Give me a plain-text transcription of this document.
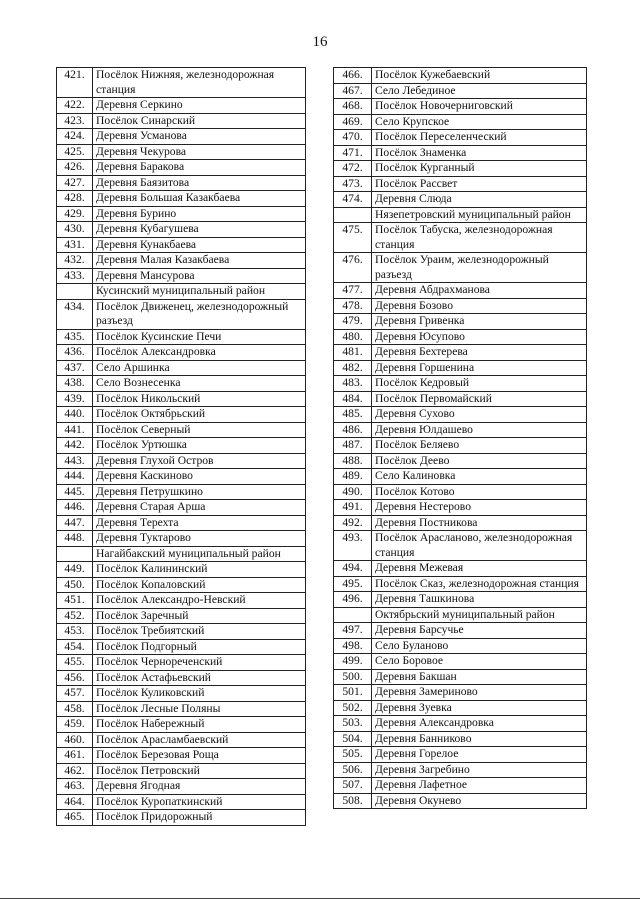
16
421.	Посёлок Нижняя, железнодорожная станция
422.	Деревня Серкино
423.	Посёлок Синарский
424.	Деревня Усманова
425.	Деревня Чекурова
426.	Деревня Баракова
427.	Деревня Баязитова
428.	Деревня Большая Казакбаева
429.	Деревня Бурино
430.	Деревня Кубагушева
431.	Деревня Кунакбаева
432.	Деревня Малая Казакбаева
433.	Деревня Мансурова
	Кусинский муниципальный район
434.	Посёлок Движенец, железнодорожный разъезд
435.	Посёлок Кусинские Печи
436.	Посёлок Александровка
437.	Село Аршинка
438.	Село Вознесенка
439.	Посёлок Никольский
440.	Посёлок Октябрьский
441.	Посёлок Северный
442.	Посёлок Уртюшка
443.	Деревня Глухой Остров
444.	Деревня Каскиново
445.	Деревня Петрушкино
446.	Деревня Старая Арша
447.	Деревня Терехта
448.	Деревня Туктарово
	Нагайбакский муниципальный район
449.	Посёлок Калининский
450.	Посёлок Копаловский
451.	Посёлок Александро-Невский
452.	Посёлок Заречный
453.	Посёлок Требиятский
454.	Посёлок Подгорный
455.	Посёлок Чернореченский
456.	Посёлок Астафьевский
457.	Посёлок Куликовский
458.	Посёлок Лесные Поляны
459.	Посёлок Набережный
460.	Посёлок Арасламбаевский
461.	Посёлок Березовая Роща
462.	Посёлок Петровский
463.	Деревня Ягодная
464.	Посёлок Куропаткинский
465.	Посёлок Придорожный
466.	Посёлок Кужебаевский
467.	Село Лебединое
468.	Посёлок Новочерниговский
469.	Село Крупское
470.	Посёлок Переселенческий
471.	Посёлок Знаменка
472.	Посёлок Курганный
473.	Посёлок Рассвет
474.	Деревня Слюда
	Нязепетровский муниципальный район
475.	Посёлок Табуска, железнодорожная станция
476.	Посёлок Ураим, железнодорожный разъезд
477.	Деревня Абдрахманова
478.	Деревня Бозово
479.	Деревня Гривенка
480.	Деревня Юсупово
481.	Деревня Бехтерева
482.	Деревня Горшенина
483.	Посёлок Кедровый
484.	Посёлок Первомайский
485.	Деревня Сухово
486.	Деревня Юлдашево
487.	Посёлок Беляево
488.	Посёлок Деево
489.	Село Калиновка
490.	Посёлок Котово
491.	Деревня Нестерово
492.	Деревня Постникова
493.	Посёлок Арасланово, железнодорожная станция
494.	Деревня Межевая
495.	Посёлок Сказ, железнодорожная станция
496.	Деревня Ташкинова
	Октябрьский муниципальный район
497.	Деревня Барсучье
498.	Село Буланово
499.	Село Боровое
500.	Деревня Бакшан
501.	Деревня Замериново
502.	Деревня Зуевка
503.	Деревня Александровка
504.	Деревня Банниково
505.	Деревня Горелое
506.	Деревня Загребино
507.	Деревня Лафетное
508.	Деревня Окунево
